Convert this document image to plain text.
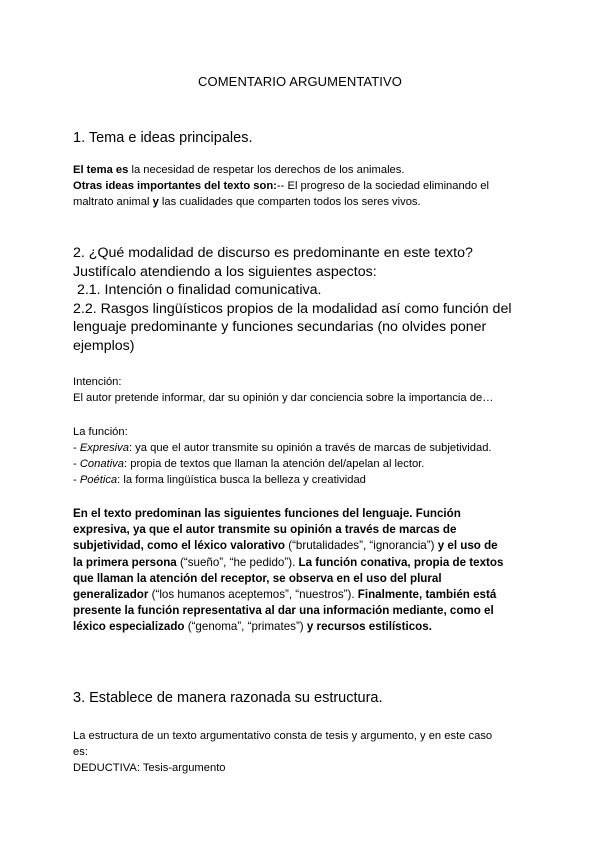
COMENTARIO ARGUMENTATIVO
1. Tema e ideas principales.
El tema es la necesidad de respetar los derechos de los animales.
Otras ideas importantes del texto son:-- El progreso de la sociedad eliminando el
maltrato animal y las cualidades que comparten todos los seres vivos.
2. ¿Qué modalidad de discurso es predominante en este texto?
Justifícalo atendiendo a los siguientes aspectos:
2.1. Intención o finalidad comunicativa.
2.2. Rasgos lingüísticos propios de la modalidad así como función del
lenguaje predominante y funciones secundarias (no olvides poner
ejemplos)
Intención:
El autor pretende informar, dar su opinión y dar conciencia sobre la importancia de…
La función:
- Expresiva: ya que el autor transmite su opinión a través de marcas de subjetividad.
- Conativa: propia de textos que llaman la atención del/apelan al lector.
- Poética: la forma lingüística busca la belleza y creatividad
En el texto predominan las siguientes funciones del lenguaje. Función
expresiva, ya que el autor transmite su opinión a través de marcas de
subjetividad, como el léxico valorativo (“brutalidades”, “ignorancia”) y el uso de
la primera persona (“sueño”, “he pedido”). La función conativa, propia de textos
que llaman la atención del receptor, se observa en el uso del plural
generalizador (“los humanos aceptemos”, “nuestros”). Finalmente, también está
presente la función representativa al dar una información mediante, como el
léxico especializado (“genoma”, “primates”) y recursos estilísticos.
3. Establece de manera razonada su estructura.
La estructura de un texto argumentativo consta de tesis y argumento, y en este caso
es:
DEDUCTIVA: Tesis-argumento
